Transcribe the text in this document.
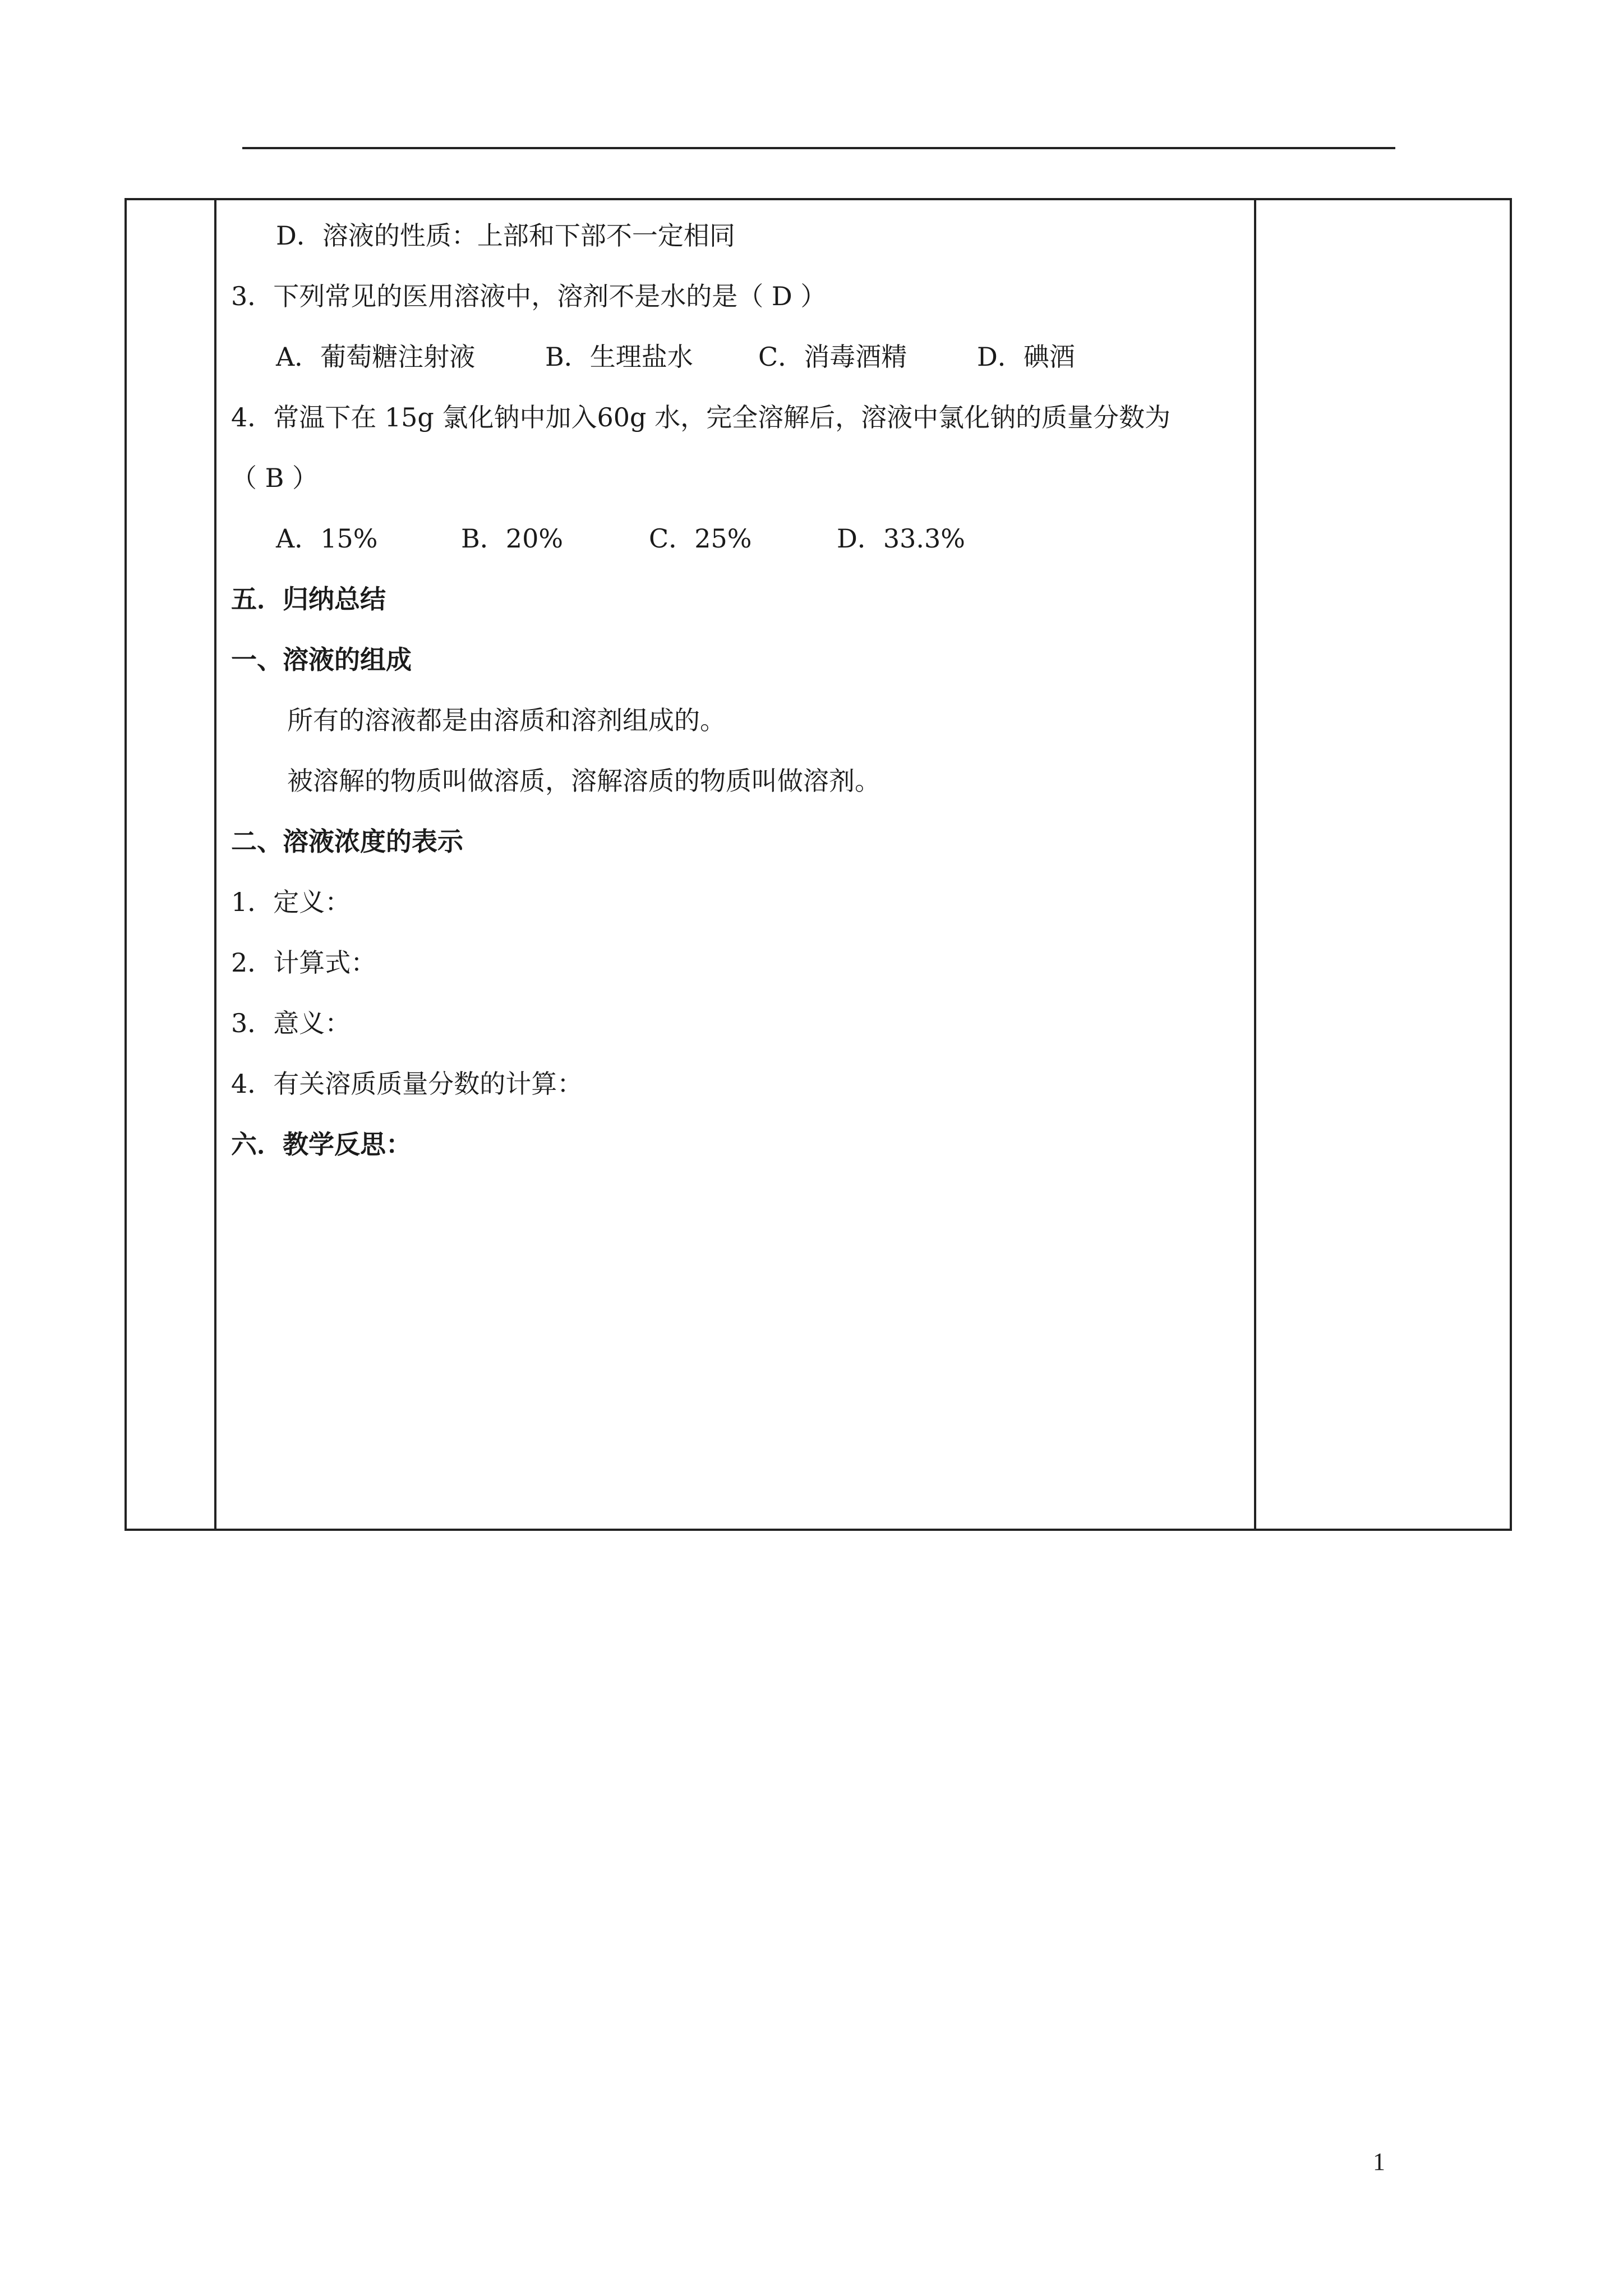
D．溶液的性质：上部和下部不一定相同
3．下列常见的医用溶液中，溶剂不是水的是（ D ）
A．葡萄糖注射液	B．生理盐水	C．消毒酒精	D．碘酒
4．常温下在 15g 氯化钠中加入60g 水，完全溶解后，溶液中氯化钠的质量分数为
（ B ）
A．15%	B．20%	C．25%	D．33.3%
五．归纳总结
一、溶液的组成
所有的溶液都是由溶质和溶剂组成的。
被溶解的物质叫做溶质，溶解溶质的物质叫做溶剂。
二、溶液浓度的表示
1．定义：
2．计算式：
3．意义：
4．有关溶质质量分数的计算：
六．教学反思：
1
